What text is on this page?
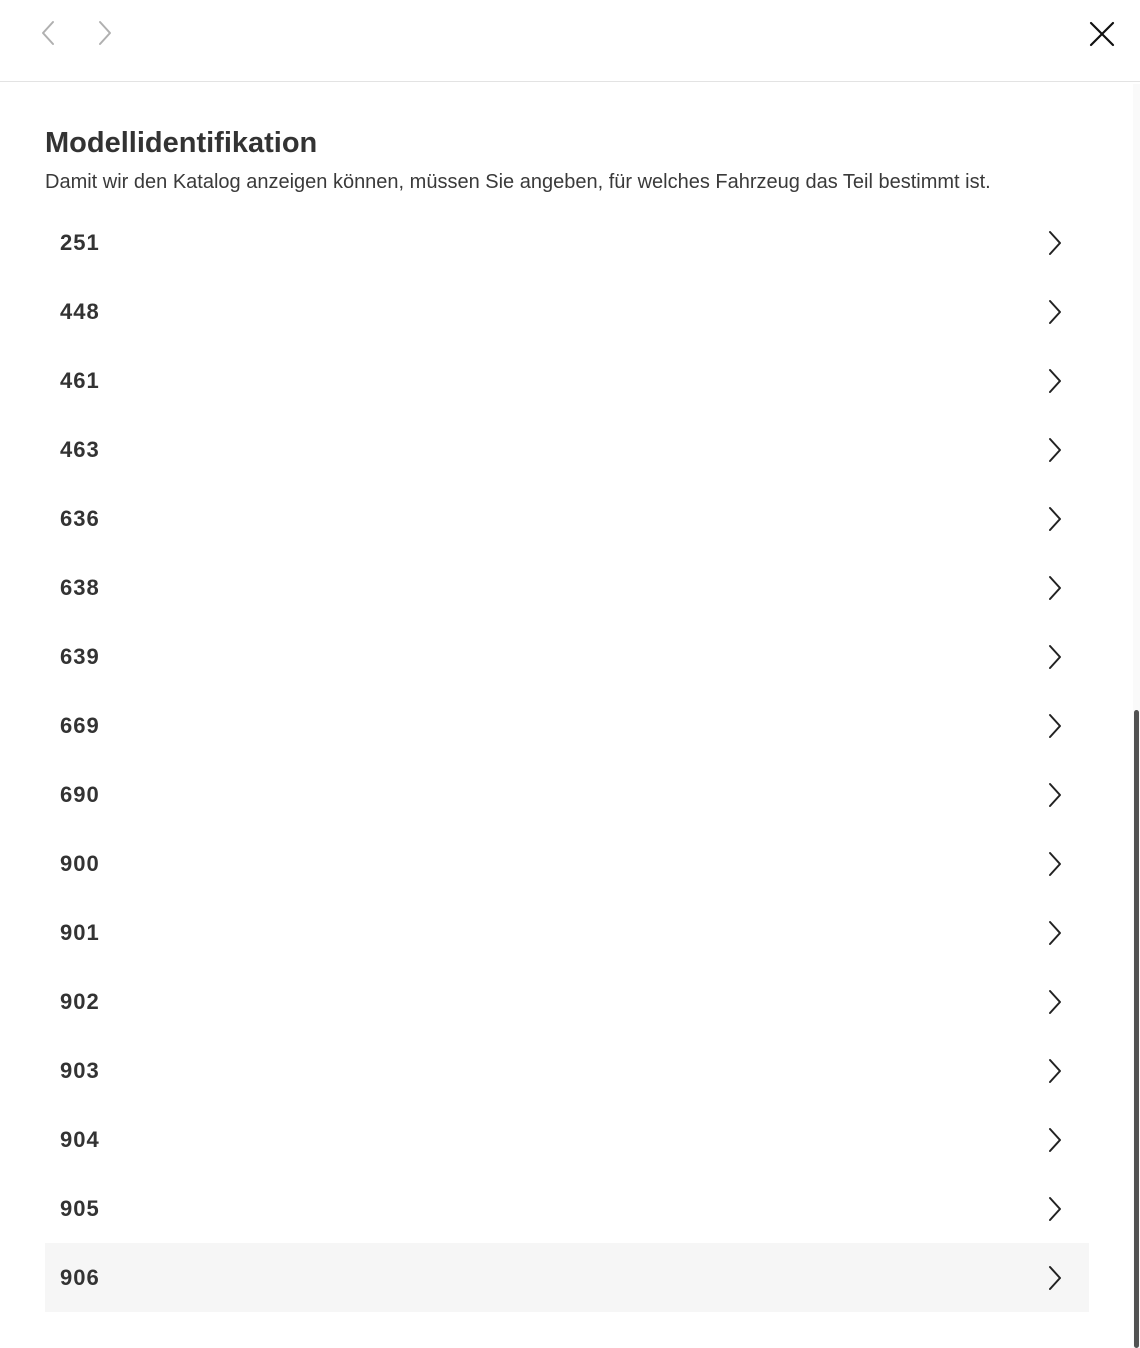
Modellidentifikation
Damit wir den Katalog anzeigen können, müssen Sie angeben, für welches Fahrzeug das Teil bestimmt ist.
251
448
461
463
636
638
639
669
690
900
901
902
903
904
905
906
